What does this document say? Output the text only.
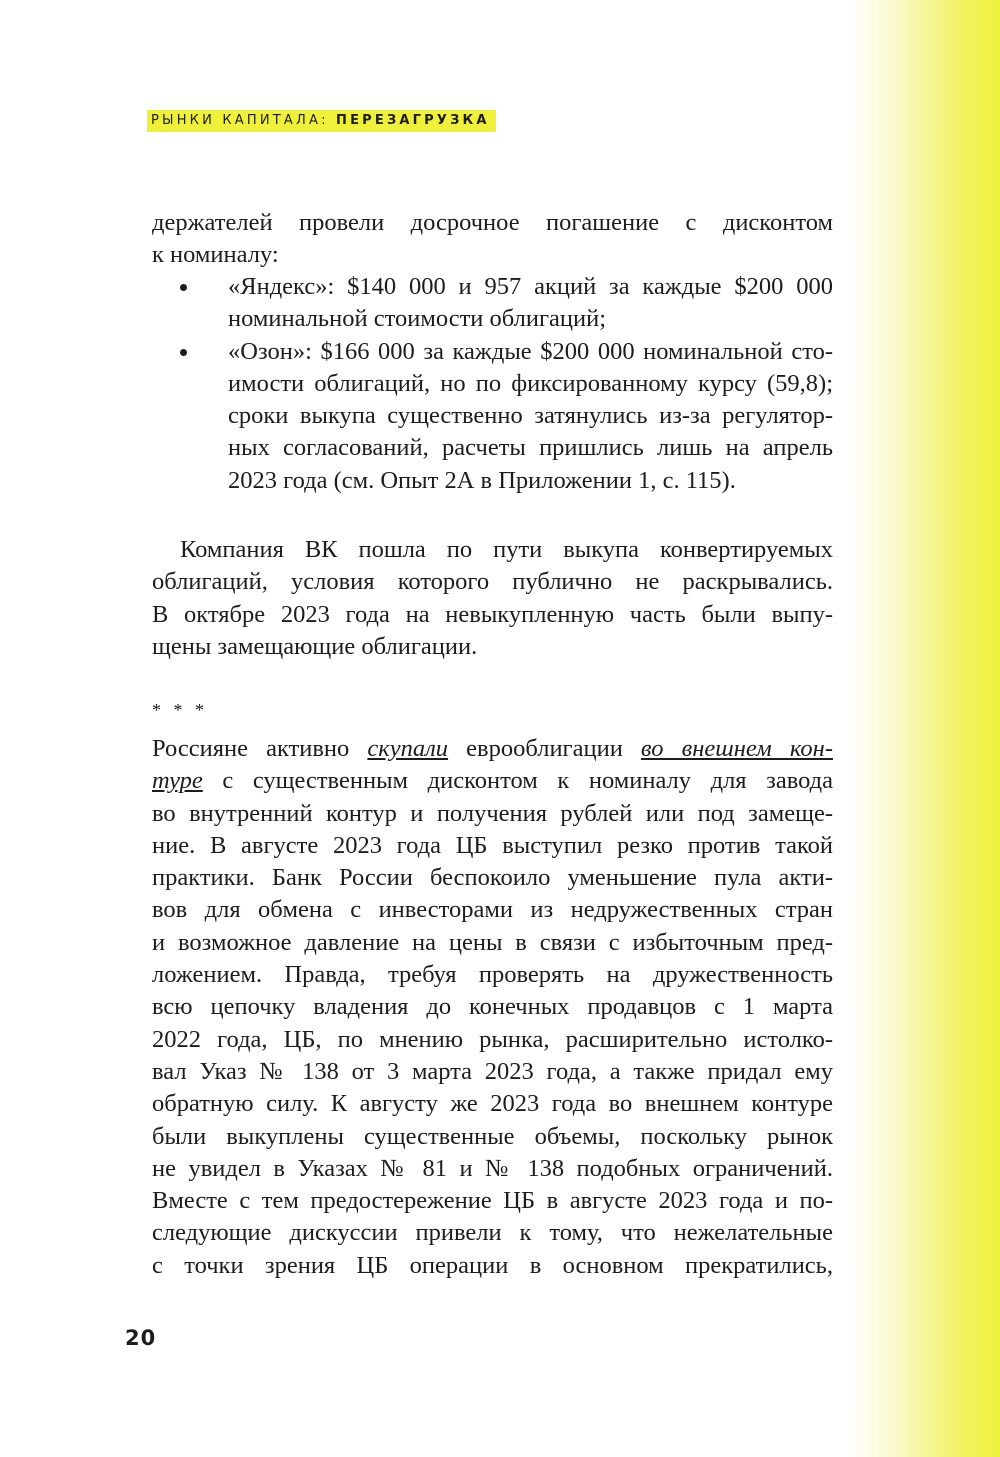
РЫНКИ КАПИТАЛА: ПЕРЕЗАГРУЗКА
держателей провели досрочное погашение с дисконтом
к номиналу:
«Яндекс»: $140 000 и 957 акций за каждые $200 000
номинальной стоимости облигаций;
«Озон»: $166 000 за каждые $200 000 номинальной сто-
имости облигаций, но по фиксированному курсу (59,8);
сроки выкупа существенно затянулись из-за регулятор-
ных согласований, расчеты пришлись лишь на апрель
2023 года (см. Опыт 2А в Приложении 1, с. 115).
Компания ВК пошла по пути выкупа конвертируемых
облигаций, условия которого публично не раскрывались.
В октябре 2023 года на невыкупленную часть были выпу-
щены замещающие облигации.
* * *
Россияне активно скупали еврооблигации во внешнем кон-
туре с существенным дисконтом к номиналу для завода
во внутренний контур и получения рублей или под замеще-
ние. В августе 2023 года ЦБ выступил резко против такой
практики. Банк России беспокоило уменьшение пула акти-
вов для обмена с инвесторами из недружественных стран
и возможное давление на цены в связи с избыточным пред-
ложением. Правда, требуя проверять на дружественность
всю цепочку владения до конечных продавцов с 1 марта
2022 года, ЦБ, по мнению рынка, расширительно истолко-
вал Указ № 138 от 3 марта 2023 года, а также придал ему
обратную силу. К августу же 2023 года во внешнем контуре
были выкуплены существенные объемы, поскольку рынок
не увидел в Указах № 81 и № 138 подобных ограничений.
Вместе с тем предостережение ЦБ в августе 2023 года и по-
следующие дискуссии привели к тому, что нежелательные
с точки зрения ЦБ операции в основном прекратились,
20
